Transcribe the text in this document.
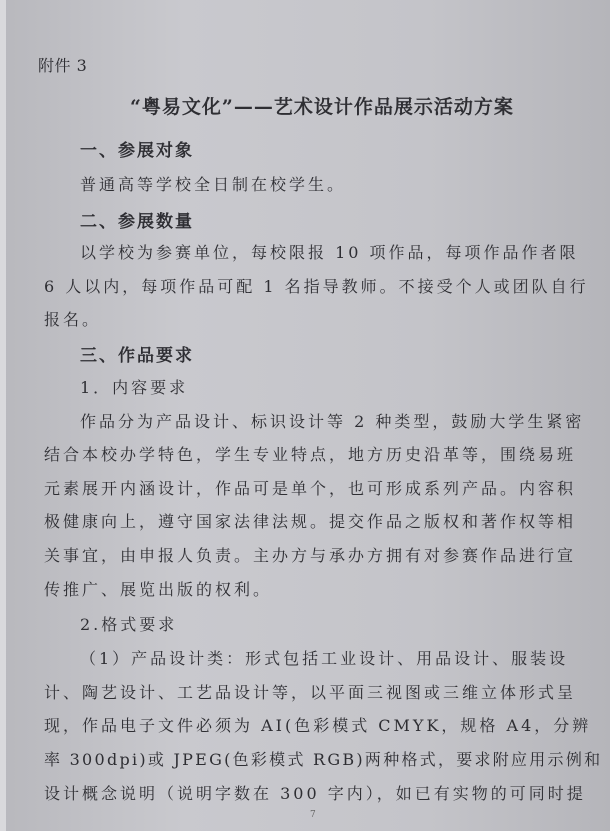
附件 3
“粤易文化”——艺术设计作品展示活动方案
一、参展对象
普通高等学校全日制在校学生。
二、参展数量
以学校为参赛单位，每校限报 10 项作品，每项作品作者限
6 人以内，每项作品可配 1 名指导教师。不接受个人或团队自行
报名。
三、作品要求
1．内容要求
作品分为产品设计、标识设计等 2 种类型，鼓励大学生紧密
结合本校办学特色，学生专业特点，地方历史沿革等，围绕易班
元素展开内涵设计，作品可是单个，也可形成系列产品。内容积
极健康向上，遵守国家法律法规。提交作品之版权和著作权等相
关事宜，由申报人负责。主办方与承办方拥有对参赛作品进行宣
传推广、展览出版的权利。
2.格式要求
（1）产品设计类：形式包括工业设计、用品设计、服装设
计、陶艺设计、工艺品设计等，以平面三视图或三维立体形式呈
现，作品电子文件必须为 AI(色彩模式 CMYK，规格 A4，分辨
率 300dpi)或 JPEG(色彩模式 RGB)两种格式，要求附应用示例和
设计概念说明（说明字数在 300 字内），如已有实物的可同时提
7
